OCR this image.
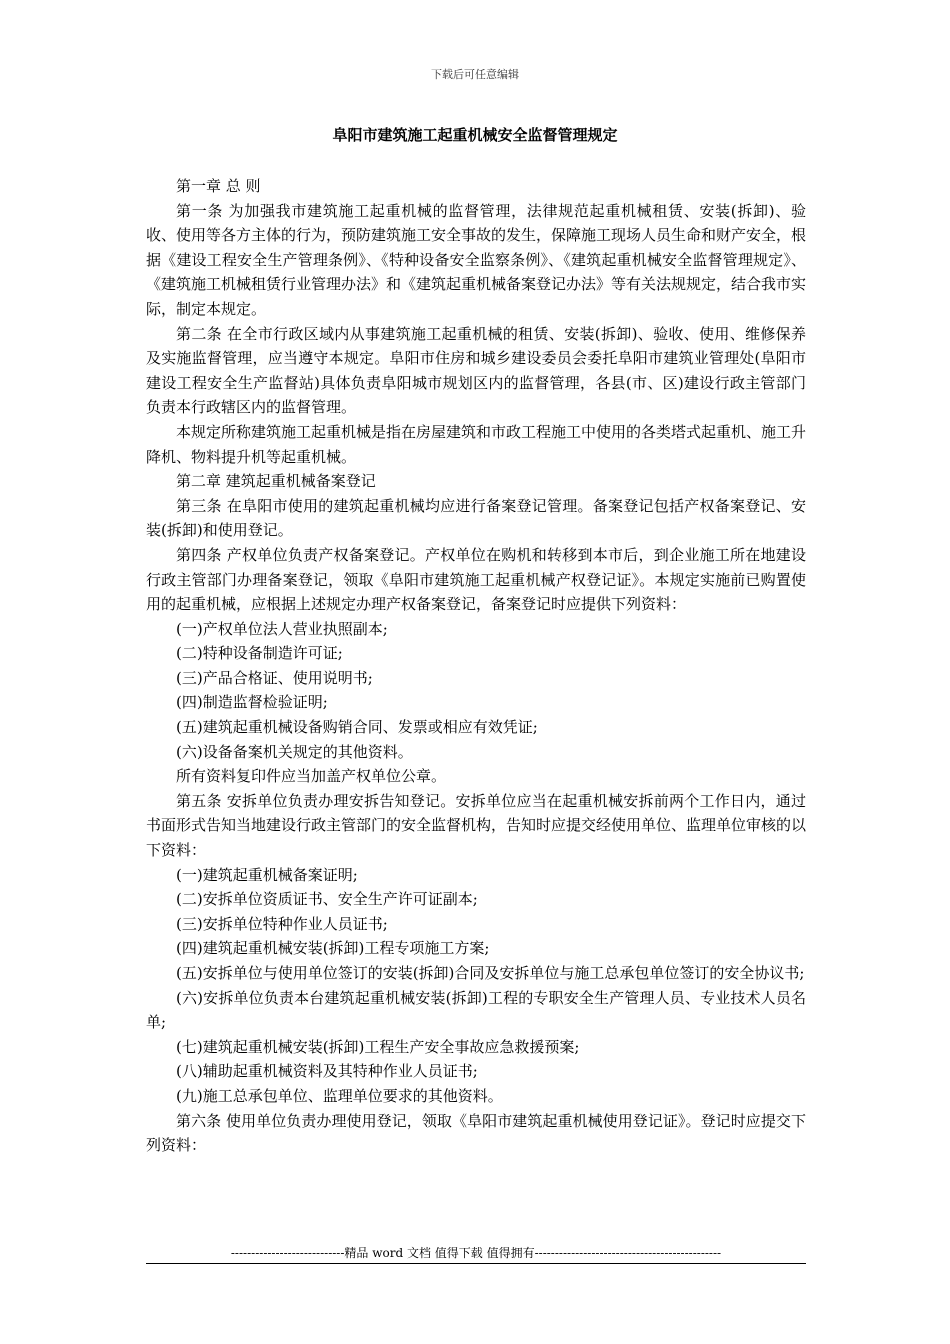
下载后可任意编辑
阜阳市建筑施工起重机械安全监督管理规定

第一章 总 则

第一条 为加强我市建筑施工起重机械的监督管理，法律规范起重机械租赁、安装(拆卸)、验收、使用等各方主体的行为，预防建筑施工安全事故的发生，保障施工现场人员生命和财产安全，根据《建设工程安全生产管理条例》、《特种设备安全监察条例》、《建筑起重机械安全监督管理规定》、《建筑施工机械租赁行业管理办法》和《建筑起重机械备案登记办法》等有关法规规定，结合我市实际，制定本规定。

第二条 在全市行政区域内从事建筑施工起重机械的租赁、安装(拆卸)、验收、使用、维修保养及实施监督管理，应当遵守本规定。阜阳市住房和城乡建设委员会委托阜阳市建筑业管理处(阜阳市建设工程安全生产监督站)具体负责阜阳城市规划区内的监督管理，各县(市、区)建设行政主管部门负责本行政辖区内的监督管理。

本规定所称建筑施工起重机械是指在房屋建筑和市政工程施工中使用的各类塔式起重机、施工升降机、物料提升机等起重机械。

第二章 建筑起重机械备案登记

第三条 在阜阳市使用的建筑起重机械均应进行备案登记管理。备案登记包括产权备案登记、安装(拆卸)和使用登记。

第四条 产权单位负责产权备案登记。产权单位在购机和转移到本市后，到企业施工所在地建设行政主管部门办理备案登记，领取《阜阳市建筑施工起重机械产权登记证》。本规定实施前已购置使用的起重机械，应根据上述规定办理产权备案登记，备案登记时应提供下列资料：

(一)产权单位法人营业执照副本;

(二)特种设备制造许可证;

(三)产品合格证、使用说明书;

(四)制造监督检验证明;

(五)建筑起重机械设备购销合同、发票或相应有效凭证;

(六)设备备案机关规定的其他资料。

所有资料复印件应当加盖产权单位公章。

第五条 安拆单位负责办理安拆告知登记。安拆单位应当在起重机械安拆前两个工作日内，通过书面形式告知当地建设行政主管部门的安全监督机构，告知时应提交经使用单位、监理单位审核的以下资料：

(一)建筑起重机械备案证明;

(二)安拆单位资质证书、安全生产许可证副本;

(三)安拆单位特种作业人员证书;

(四)建筑起重机械安装(拆卸)工程专项施工方案;

(五)安拆单位与使用单位签订的安装(拆卸)合同及安拆单位与施工总承包单位签订的安全协议书;

(六)安拆单位负责本台建筑起重机械安装(拆卸)工程的专职安全生产管理人员、专业技术人员名单;

(七)建筑起重机械安装(拆卸)工程生产安全事故应急救援预案;

(八)辅助起重机械资料及其特种作业人员证书;

(九)施工总承包单位、监理单位要求的其他资料。

第六条 使用单位负责办理使用登记，领取《阜阳市建筑起重机械使用登记证》。登记时应提交下列资料：

----------------------------精品 word 文档 值得下载 值得拥有----------------------------------------------
